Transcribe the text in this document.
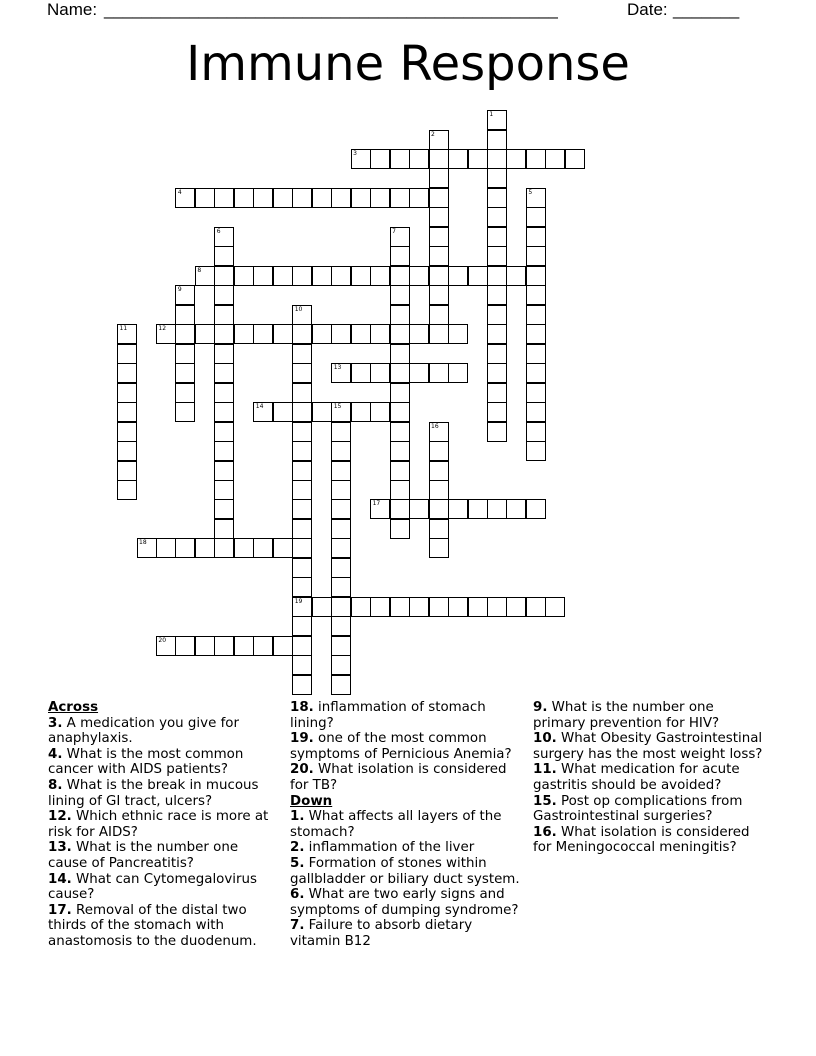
Name: ________________________________________________	Date: _______
Immune Response
1
2
3
4	5
6	7
8
9
10
11	12
13
14	15
16
17
18
19
20
Across

3. A medication you give for anaphylaxis.

4. What is the most common cancer with AIDS patients?

8. What is the break in mucous lining of GI tract, ulcers?

12. Which ethnic race is more at risk for AIDS?

13. What is the number one cause of Pancreatitis?

14. What can Cytomegalovirus cause?

17. Removal of the distal two thirds of the stomach with anastomosis to the duodenum.

18. inflammation of stomach lining?

19. one of the most common symptoms of Pernicious Anemia?

20. What isolation is considered for TB?

Down

1. What affects all layers of the stomach?

2. inflammation of the liver

5. Formation of stones within gallbladder or biliary duct system.

6. What are two early signs and symptoms of dumping syndrome?

7. Failure to absorb dietary vitamin B12

9. What is the number one primary prevention for HIV?

10. What Obesity Gastrointestinal surgery has the most weight loss?

11. What medication for acute gastritis should be avoided?

15. Post op complications from Gastrointestinal surgeries?

16. What isolation is considered for Meningococcal meningitis?
